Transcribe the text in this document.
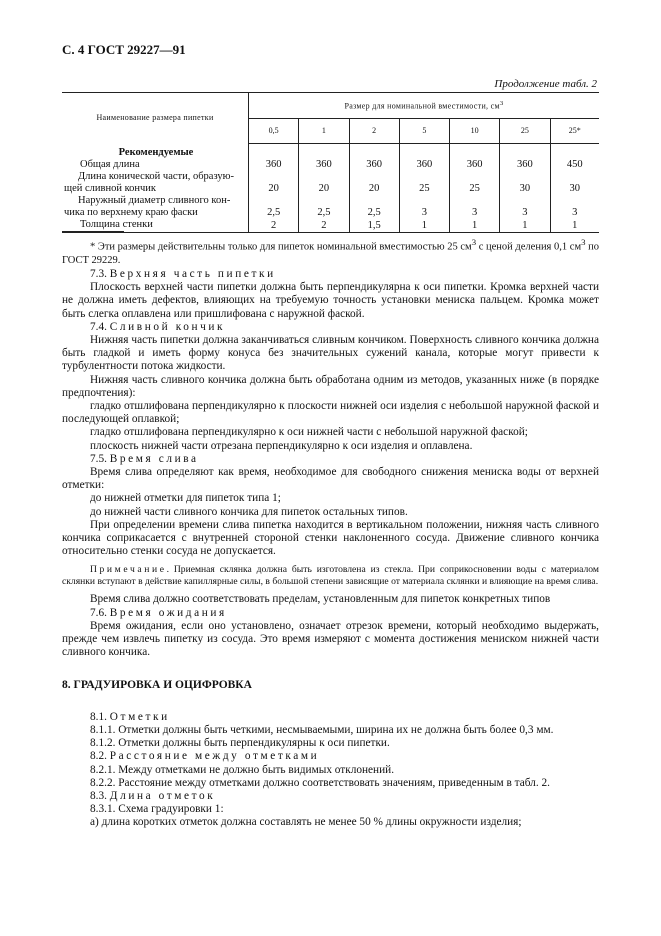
С. 4 ГОСТ 29227—91
Продолжение табл. 2
Наименование размера пипетки	Размер для номинальной вместимости, $см^3$
	0,5	1	2	5	10	25	25*
Рекомендуемые							
Общая длина	360	360	360	360	360	360	450
Длина конической части, образую-
щей сливной кончик	20	20	20	25	25	30	30
Наружный диаметр сливного кон-
чика по верхнему краю фаски	2,5	2,5	2,5	3	3	3	3
Толщина стенки	2	2	1,5	1	1	1	1
* Эти размеры действительны только для пипеток номинальной вместимостью 25 $см^3$ с ценой деления 0,1 $см^3$ по ГОСТ 29229.

7.3. Верхняя часть пипетки

Плоскость верхней части пипетки должна быть перпендикулярна к оси пипетки. Кромка верхней части не должна иметь дефектов, влияющих на требуемую точность установки мениска пальцем. Кромка может быть слегка оплавлена или пришлифована с наружной фаской.

7.4. Сливной кончик

Нижняя часть пипетки должна заканчиваться сливным кончиком. Поверхность сливного кончика должна быть гладкой и иметь форму конуса без значительных сужений канала, которые могут привести к турбулентности потока жидкости.

Нижняя часть сливного кончика должна быть обработана одним из методов, указанных ниже (в порядке предпочтения):

гладко отшлифована перпендикулярно к плоскости нижней оси изделия с небольшой наружной фаской и последующей оплавкой;

гладко отшлифована перпендикулярно к оси нижней части с небольшой наружной фаской;

плоскость нижней части отрезана перпендикулярно к оси изделия и оплавлена.

7.5. Время слива

Время слива определяют как время, необходимое для свободного снижения мениска воды от верхней отметки:

до нижней отметки для пипеток типа 1;

до нижней части сливного кончика для пипеток остальных типов.

При определении времени слива пипетка находится в вертикальном положении, нижняя часть сливного кончика соприкасается с внутренней стороной стенки наклоненного сосуда. Движение сливного кончика относительно стенки сосуда не допускается.

Примечание. Приемная склянка должна быть изготовлена из стекла. При соприкосновении воды с материалом склянки вступают в действие капиллярные силы, в большой степени зависящие от материала склянки и влияющие на время слива.

Время слива должно соответствовать пределам, установленным для пипеток конкретных типов

7.6. Время ожидания

Время ожидания, если оно установлено, означает отрезок времени, который необходимо выдержать, прежде чем извлечь пипетку из сосуда. Это время измеряют с момента достижения мениском нижней части сливного кончика.

8. ГРАДУИРОВКА И ОЦИФРОВКА

8.1. Отметки

8.1.1. Отметки должны быть четкими, несмываемыми, ширина их не должна быть более 0,3 мм.

8.1.2. Отметки должны быть перпендикулярны к оси пипетки.

8.2. Расстояние между отметками

8.2.1. Между отметками не должно быть видимых отклонений.

8.2.2. Расстояние между отметками должно соответствовать значениям, приведенным в табл. 2.

8.3. Длина отметок

8.3.1. Схема градуировки 1:

а) длина коротких отметок должна составлять не менее 50 % длины окружности изделия;
